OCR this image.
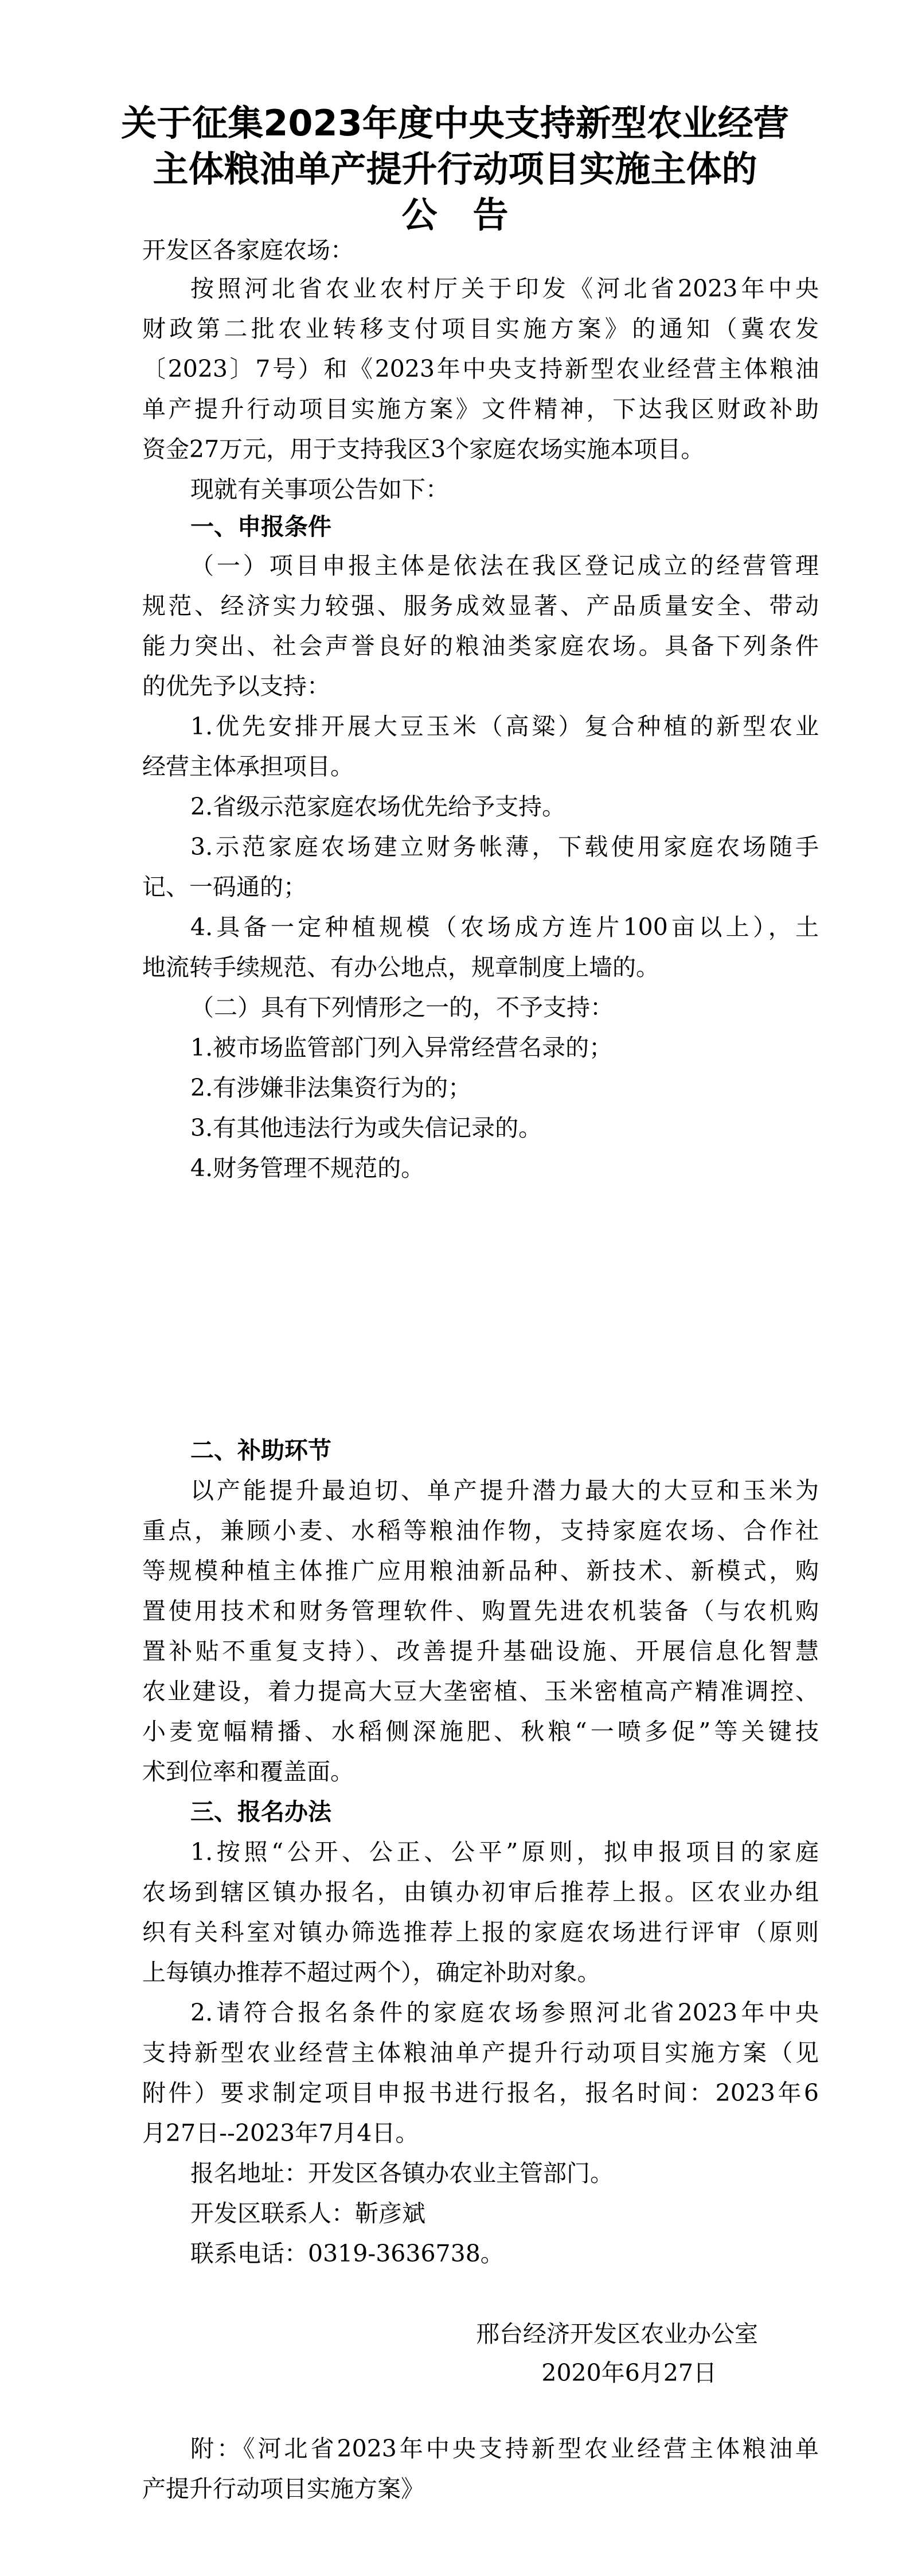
关于征集2023年度中央支持新型农业经营
主体粮油单产提升行动项目实施主体的
公　告
开发区各家庭农场：
按照河北省农业农村厅关于印发《河北省2023年中央
财政第二批农业转移支付项目实施方案》的通知（冀农发
〔2023〕7号）和《2023年中央支持新型农业经营主体粮油
单产提升行动项目实施方案》文件精神，下达我区财政补助
资金27万元，用于支持我区3个家庭农场实施本项目。
现就有关事项公告如下：
一、申报条件
（一）项目申报主体是依法在我区登记成立的经营管理
规范、经济实力较强、服务成效显著、产品质量安全、带动
能力突出、社会声誉良好的粮油类家庭农场。具备下列条件
的优先予以支持：
1.优先安排开展大豆玉米（高粱）复合种植的新型农业
经营主体承担项目。
2.省级示范家庭农场优先给予支持。
3.示范家庭农场建立财务帐薄，下载使用家庭农场随手
记、一码通的；
4.具备一定种植规模（农场成方连片100亩以上），土
地流转手续规范、有办公地点，规章制度上墙的。
（二）具有下列情形之一的，不予支持：
1.被市场监管部门列入异常经营名录的；
2.有涉嫌非法集资行为的；
3.有其他违法行为或失信记录的。
4.财务管理不规范的。
二、补助环节
以产能提升最迫切、单产提升潜力最大的大豆和玉米为
重点，兼顾小麦、水稻等粮油作物，支持家庭农场、合作社
等规模种植主体推广应用粮油新品种、新技术、新模式，购
置使用技术和财务管理软件、购置先进农机装备（与农机购
置补贴不重复支持）、改善提升基础设施、开展信息化智慧
农业建设，着力提高大豆大垄密植、玉米密植高产精准调控、
小麦宽幅精播、水稻侧深施肥、秋粮“一喷多促”等关键技
术到位率和覆盖面。
三、报名办法
1.按照“公开、公正、公平”原则，拟申报项目的家庭
农场到辖区镇办报名，由镇办初审后推荐上报。区农业办组
织有关科室对镇办筛选推荐上报的家庭农场进行评审（原则
上每镇办推荐不超过两个），确定补助对象。
2.请符合报名条件的家庭农场参照河北省2023年中央
支持新型农业经营主体粮油单产提升行动项目实施方案（见
附件）要求制定项目申报书进行报名，报名时间：2023年6
月27日--2023年7月4日。
报名地址：开发区各镇办农业主管部门。
开发区联系人：靳彦斌
联系电话：0319-3636738。
邢台经济开发区农业办公室
2020年6月27日
附：《河北省2023年中央支持新型农业经营主体粮油单
产提升行动项目实施方案》
